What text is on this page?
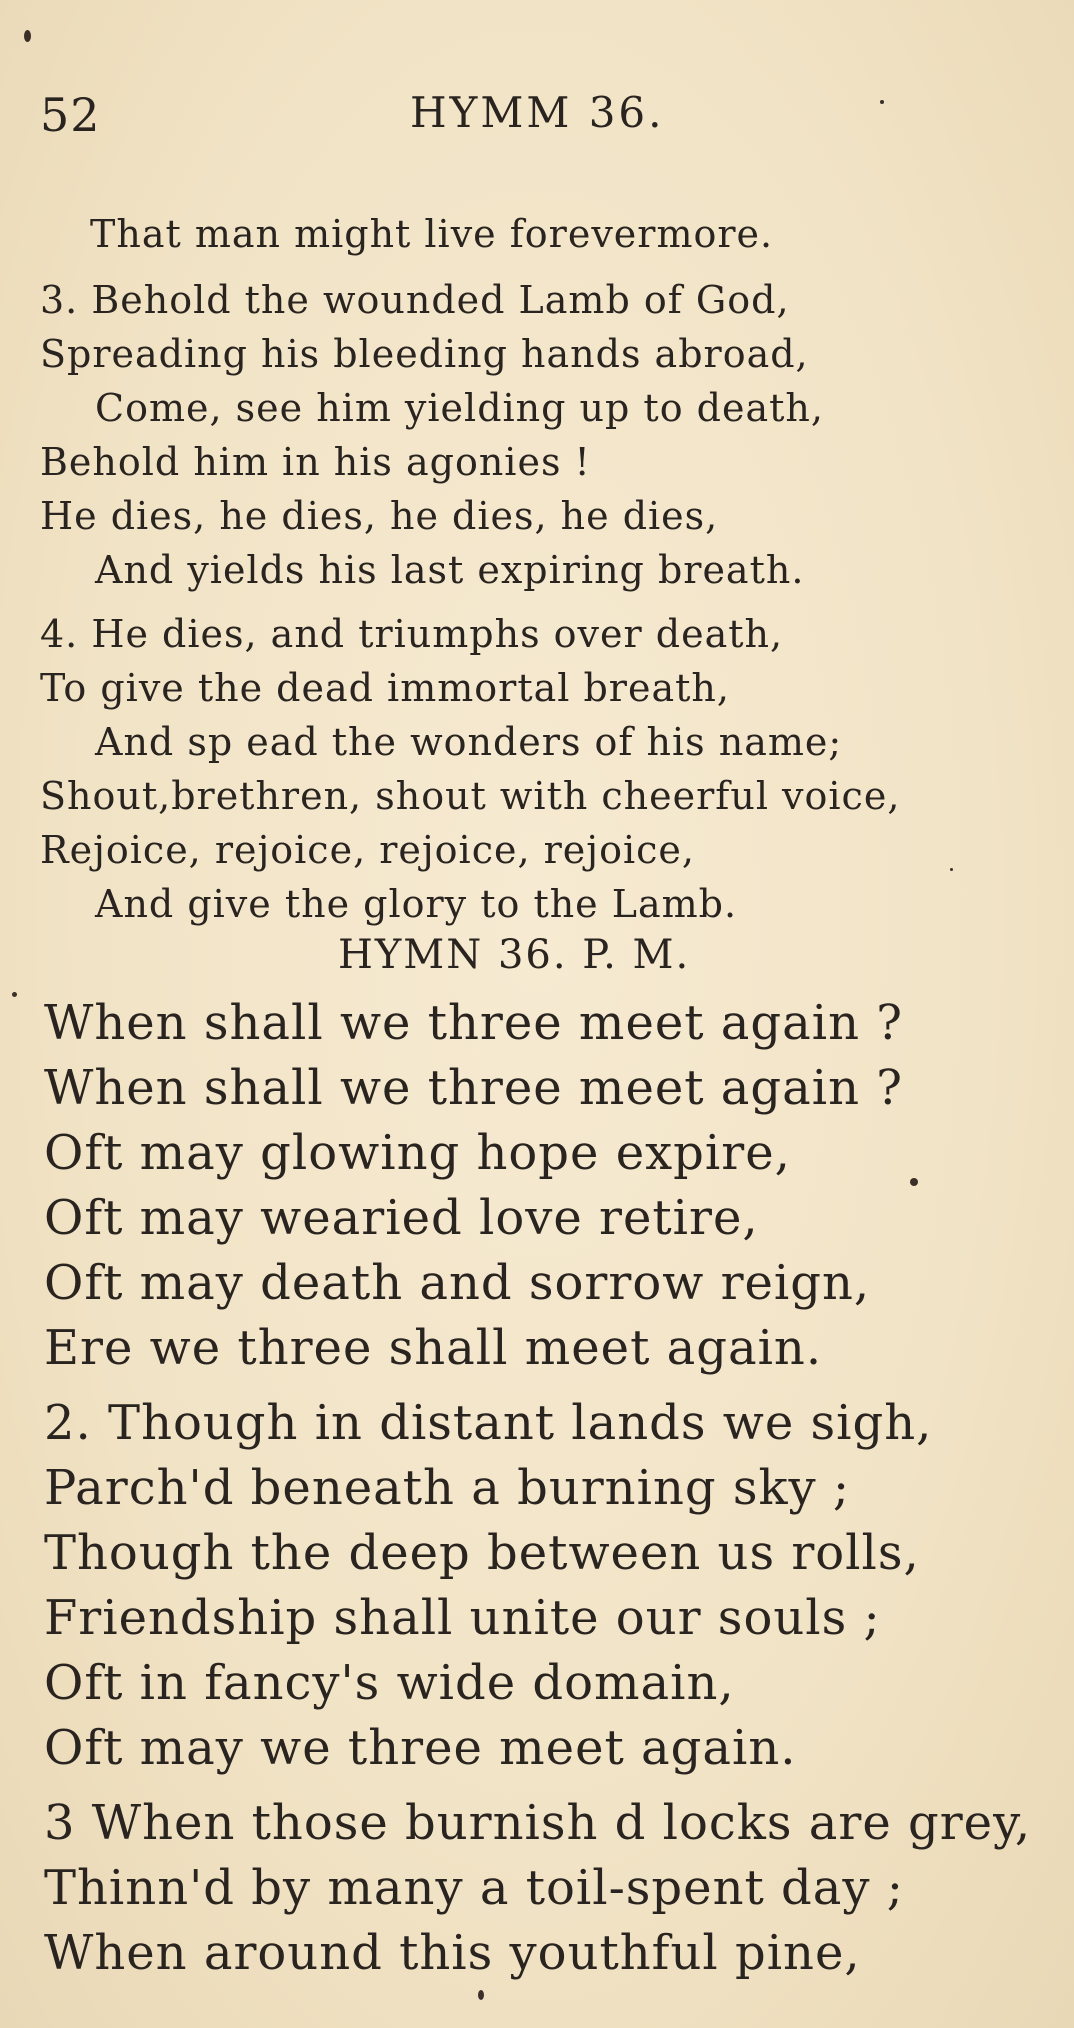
52	HYMM 36.
That man might live forevermore.
3. Behold the wounded Lamb of God,
Spreading his bleeding hands abroad,
Come, see him yielding up to death,
Behold him in his agonies !
He dies, he dies, he dies, he dies,
And yields his last expiring breath.
4. He dies, and triumphs over death,
To give the dead immortal breath,
And sp ead the wonders of his name;
Shout,brethren, shout with cheerful voice,
Rejoice, rejoice, rejoice, rejoice,
And give the glory to the Lamb.
HYMN 36. P. M.
When shall we three meet again ?
When shall we three meet again ?
Oft may glowing hope expire,
Oft may wearied love retire,
Oft may death and sorrow reign,
Ere we three shall meet again.
2. Though in distant lands we sigh,
Parch'd beneath a burning sky ;
Though the deep between us rolls,
Friendship shall unite our souls ;
Oft in fancy's wide domain,
Oft may we three meet again.
3 When those burnish d locks are grey,
Thinn'd by many a toil-spent day ;
When around this youthful pine,
